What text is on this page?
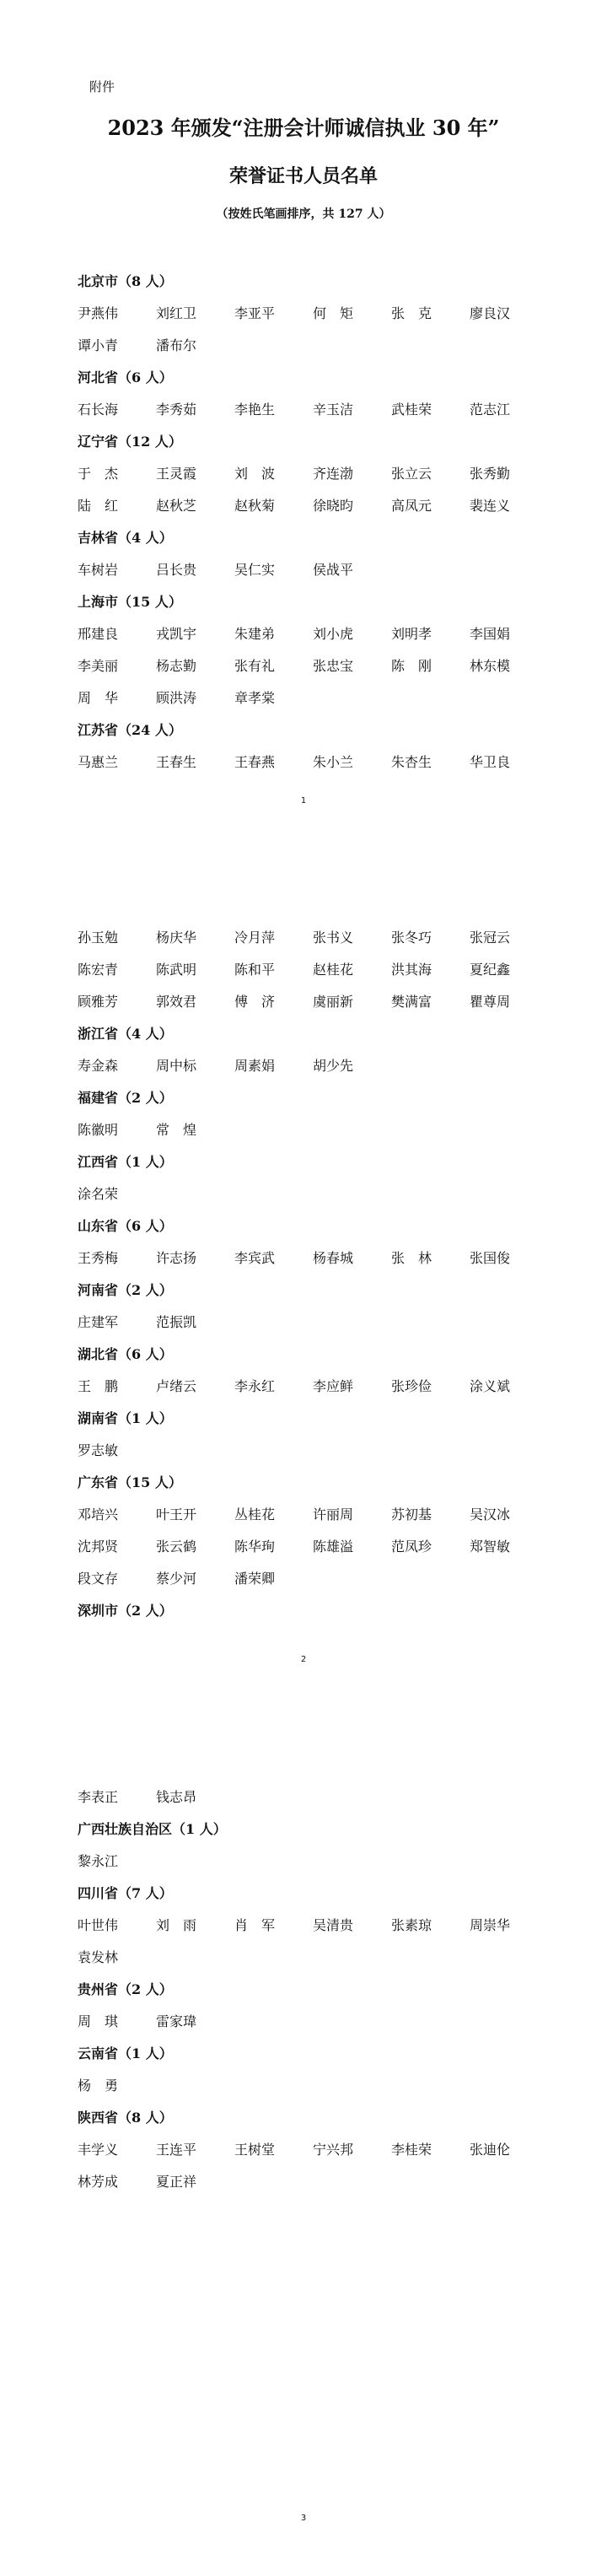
附件
2023 年颁发“注册会计师诚信执业 30 年”
荣誉证书人员名单
（按姓氏笔画排序，共 127 人）
北京市（8 人）
尹燕伟	刘红卫	李亚平	何　矩	张　克	廖良汉
谭小青	潘布尔
河北省（6 人）
石长海	李秀茹	李艳生	辛玉洁	武桂荣	范志江
辽宁省（12 人）
于　杰	王灵霞	刘　波	齐连渤	张立云	张秀勤
陆　红	赵秋芝	赵秋菊	徐晓昀	高凤元	裴连义
吉林省（4 人）
车树岩	吕长贵	吴仁实	侯战平
上海市（15 人）
邢建良	戎凯宇	朱建弟	刘小虎	刘明孝	李国娟
李美丽	杨志勤	张有礼	张忠宝	陈　刚	林东模
周　华	顾洪涛	章孝棠
江苏省（24 人）
马惠兰	王春生	王春燕	朱小兰	朱杏生	华卫良
1
孙玉勉	杨庆华	冷月萍	张书义	张冬巧	张冠云
陈宏青	陈武明	陈和平	赵桂花	洪其海	夏纪鑫
顾雅芳	郭效君	傅　济	虞丽新	樊满富	瞿尊周
浙江省（4 人）
寿金森	周中标	周素娟	胡少先
福建省（2 人）
陈徽明	常　煌
江西省（1 人）
涂名荣
山东省（6 人）
王秀梅	许志扬	李宾武	杨春城	张　林	张国俊
河南省（2 人）
庄建军	范振凯
湖北省（6 人）
王　鹏	卢绪云	李永红	李应鲜	张珍俭	涂义斌
湖南省（1 人）
罗志敏
广东省（15 人）
邓培兴	叶王开	丛桂花	许丽周	苏初基	吴汉冰
沈邦贤	张云鹤	陈华珣	陈雄溢	范凤珍	郑智敏
段文存	蔡少河	潘荣卿
深圳市（2 人）
2
李表正	钱志昂
广西壮族自治区（1 人）
黎永江
四川省（7 人）
叶世伟	刘　雨	肖　军	吴清贵	张素琼	周崇华
袁发林
贵州省（2 人）
周　琪	雷家瑋
云南省（1 人）
杨　勇
陕西省（8 人）
丰学义	王连平	王树堂	宁兴邦	李桂荣	张迪伦
林芳成	夏正祥
3
